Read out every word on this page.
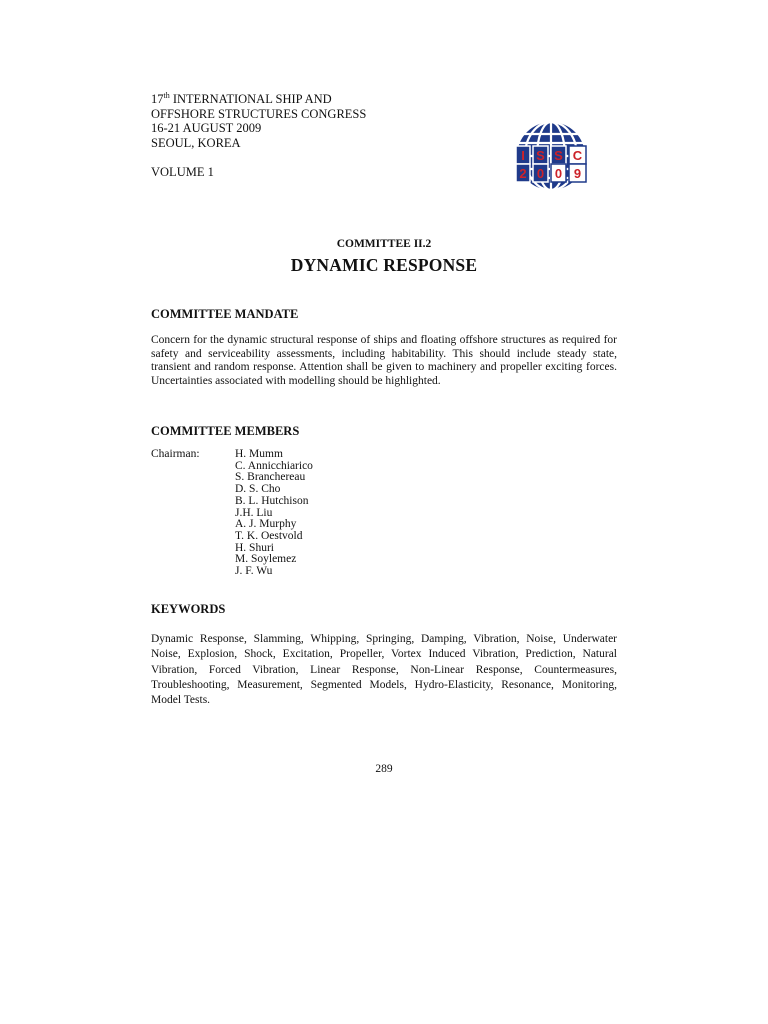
17th INTERNATIONAL SHIP AND
OFFSHORE STRUCTURES CONGRESS
16-21 AUGUST 2009
SEOUL, KOREA
VOLUME 1
I S S C
2 0 0 9
COMMITTEE II.2
DYNAMIC RESPONSE
COMMITTEE MANDATE
Concern for the dynamic structural response of ships and floating offshore structures as required for safety and serviceability assessments, including habitability. This should include steady state, transient and random response. Attention shall be given to machinery and propeller exciting forces. Uncertainties associated with modelling should be highlighted.
COMMITTEE MEMBERS
Chairman:	H. Mumm
C. Annicchiarico
S. Branchereau
D. S. Cho
B. L. Hutchison
J.H. Liu
A. J. Murphy
T. K. Oestvold
H. Shuri
M. Soylemez
J. F. Wu
KEYWORDS
Dynamic Response, Slamming, Whipping, Springing, Damping, Vibration, Noise, Underwater Noise, Explosion, Shock, Excitation, Propeller, Vortex Induced Vibration, Prediction, Natural Vibration, Forced Vibration, Linear Response, Non-Linear Response, Countermeasures, Troubleshooting, Measurement, Segmented Models, Hydro-Elasticity, Resonance, Monitoring, Model Tests.
289
